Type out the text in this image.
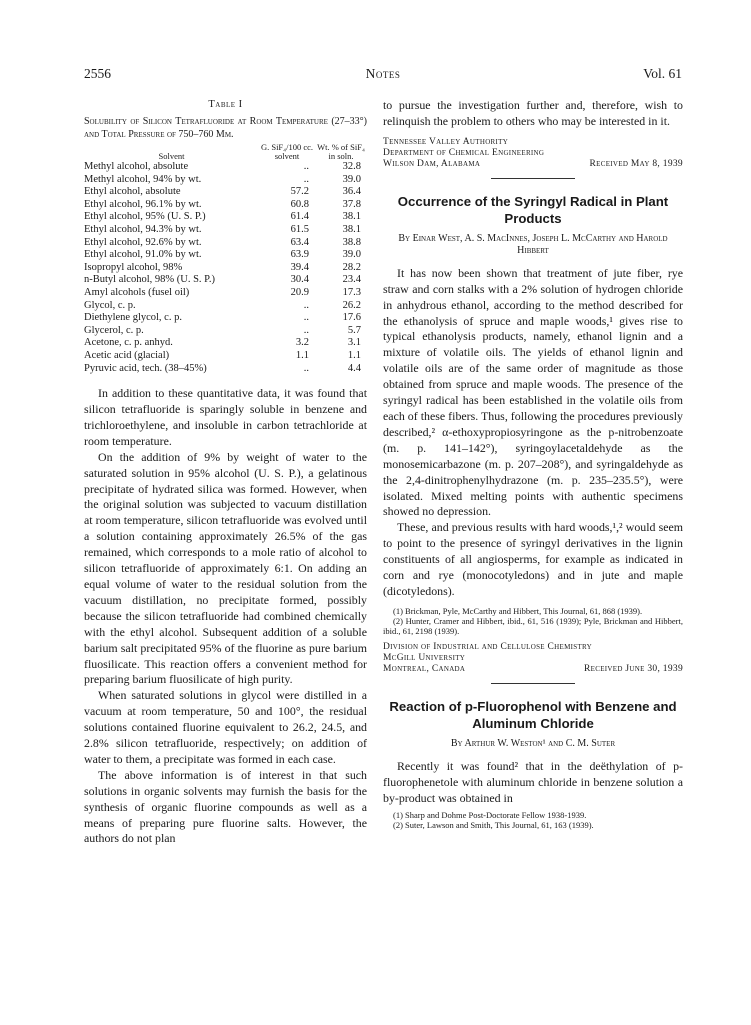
2556	Notes	Vol. 61
Table I
Solubility of Silicon Tetrafluoride at Room Temperature (27–33°) and Total Pressure of 750–760 Mm.
Solvent	G. SiF₄/100 cc. solvent	Wt. % of SiF₄ in soln.
Methyl alcohol, absolute	..	32.8
Methyl alcohol, 94% by wt.	..	39.0
Ethyl alcohol, absolute	57.2	36.4
Ethyl alcohol, 96.1% by wt.	60.8	37.8
Ethyl alcohol, 95% (U. S. P.)	61.4	38.1
Ethyl alcohol, 94.3% by wt.	61.5	38.1
Ethyl alcohol, 92.6% by wt.	63.4	38.8
Ethyl alcohol, 91.0% by wt.	63.9	39.0
Isopropyl alcohol, 98%	39.4	28.2
n-Butyl alcohol, 98% (U. S. P.)	30.4	23.4
Amyl alcohols (fusel oil)	20.9	17.3
Glycol, c. p.	..	26.2
Diethylene glycol, c. p.	..	17.6
Glycerol, c. p.	..	5.7
Acetone, c. p. anhyd.	3.2	3.1
Acetic acid (glacial)	1.1	1.1
Pyruvic acid, tech. (38–45%)	..	4.4

In addition to these quantitative data, it was found that silicon tetrafluoride is sparingly soluble in benzene and trichloroethylene, and insoluble in carbon tetrachloride at room temperature.

On the addition of 9% by weight of water to the saturated solution in 95% alcohol (U. S. P.), a gelatinous precipitate of hydrated silica was formed. However, when the original solution was subjected to vacuum distillation at room temperature, silicon tetrafluoride was evolved until a solution containing approximately 26.5% of the gas remained, which corresponds to a mole ratio of alcohol to silicon tetrafluoride of approximately 6:1. On adding an equal volume of water to the residual solution from the vacuum distillation, no precipitate formed, possibly because the silicon tetrafluoride had combined chemically with the ethyl alcohol. Subsequent addition of a soluble barium salt precipitated 95% of the fluorine as pure barium fluosilicate. This reaction offers a convenient method for preparing barium fluosilicate of high purity.

When saturated solutions in glycol were distilled in a vacuum at room temperature, 50 and 100°, the residual solutions contained fluorine equivalent to 26.2, 24.5, and 2.8% silicon tetrafluoride, respectively; on addition of water to them, a precipitate was formed in each case.

The above information is of interest in that such solutions in organic solvents may furnish the basis for the synthesis of organic fluorine compounds as well as a means of preparing pure fluorine salts. However, the authors do not plan

to pursue the investigation further and, therefore, wish to relinquish the problem to others who may be interested in it.

Tennessee Valley Authority
Department of Chemical Engineering
Wilson Dam, Alabama	Received May 8, 1939
Occurrence of the Syringyl Radical in Plant Products
By Einar West, A. S. MacInnes, Joseph L. McCarthy and Harold Hibbert

It has now been shown that treatment of jute fiber, rye straw and corn stalks with a 2% solution of hydrogen chloride in anhydrous ethanol, according to the method described for the ethanolysis of spruce and maple woods,¹ gives rise to typical ethanolysis products, namely, ethanol lignin and a mixture of volatile oils. The yields of ethanol lignin and volatile oils are of the same order of magnitude as those obtained from spruce and maple woods. The presence of the syringyl radical has been established in the volatile oils from each of these fibers. Thus, following the procedures previously described,² α-ethoxypropiosyringone as the p-nitrobenzoate (m. p. 141–142°), syringoylacetaldehyde as the monosemicarbazone (m. p. 207–208°), and syringaldehyde as the 2,4-dinitrophenylhydrazone (m. p. 235–235.5°), were isolated. Mixed melting points with authentic specimens showed no depression.

These, and previous results with hard woods,¹,² would seem to point to the presence of syringyl derivatives in the lignin constituents of all angiosperms, for example as indicated in corn and rye (monocotyledons) and in jute and maple (dicotyledons).

(1) Brickman, Pyle, McCarthy and Hibbert, This Journal, 61, 868 (1939).
(2) Hunter, Cramer and Hibbert, ibid., 61, 516 (1939); Pyle, Brickman and Hibbert, ibid., 61, 2198 (1939).
Division of Industrial and Cellulose Chemistry
McGill University
Montreal, Canada	Received June 30, 1939
Reaction of p-Fluorophenol with Benzene and Aluminum Chloride
By Arthur W. Weston¹ and C. M. Suter

Recently it was found² that in the deëthylation of p-fluorophenetole with aluminum chloride in benzene solution a by-product was obtained in

(1) Sharp and Dohme Post-Doctorate Fellow 1938-1939.
(2) Suter, Lawson and Smith, This Journal, 61, 163 (1939).
